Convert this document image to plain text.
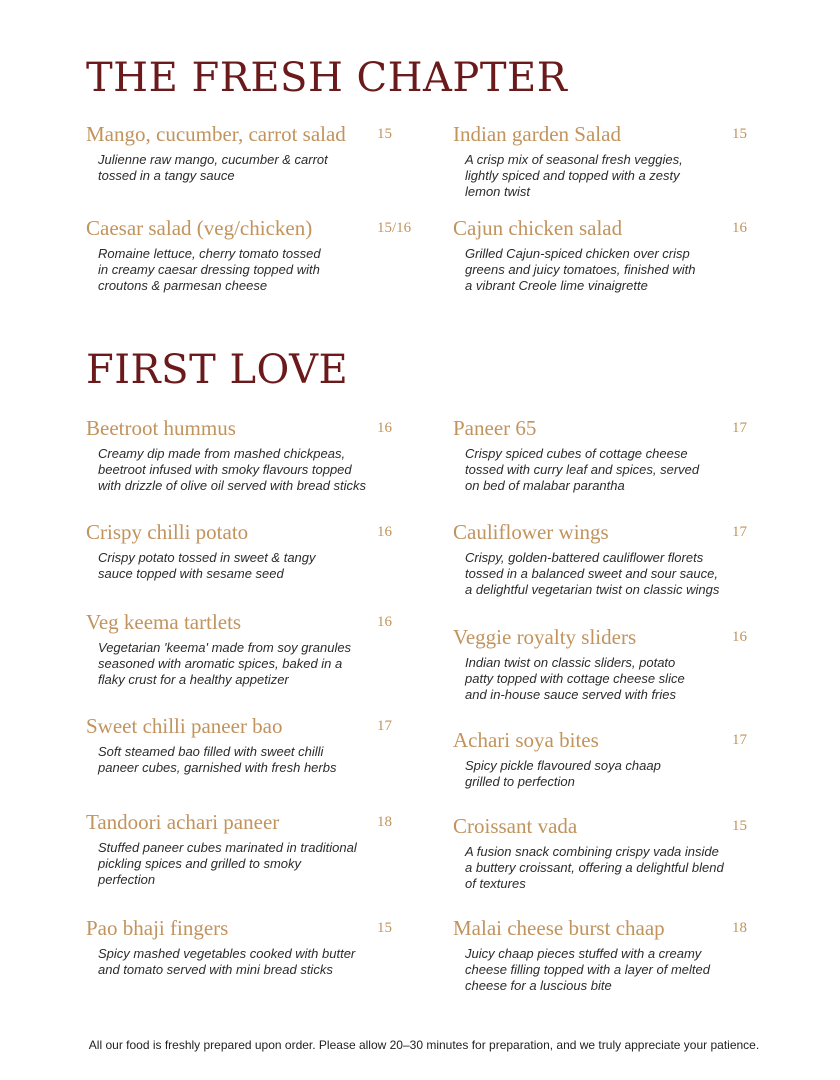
THE FRESH CHAPTER
FIRST LOVE
Mango, cucumber, carrot salad 15
Julienne raw mango, cucumber & carrot
tossed in a tangy sauce
Caesar salad (veg/chicken)	15/16
Romaine lettuce, cherry tomato tossed
in creamy caesar dressing topped with
croutons & parmesan cheese
Indian garden Salad	15
A crisp mix of seasonal fresh veggies,
lightly spiced and topped with a zesty
lemon twist
Cajun chicken salad	16
Grilled Cajun-spiced chicken over crisp
greens and juicy tomatoes, finished with
a vibrant Creole lime vinaigrette
Beetroot hummus	16
Creamy dip made from mashed chickpeas,
beetroot infused with smoky flavours topped
with drizzle of olive oil served with bread sticks
Crispy chilli potato	16
Crispy potato tossed in sweet & tangy
sauce topped with sesame seed
Veg keema tartlets	16
Vegetarian 'keema' made from soy granules
seasoned with aromatic spices, baked in a
flaky crust for a healthy appetizer
Sweet chilli paneer bao	17
Soft steamed bao filled with sweet chilli
paneer cubes, garnished with fresh herbs
Tandoori achari paneer	18
Stuffed paneer cubes marinated in traditional
pickling spices and grilled to smoky
perfection
Pao bhaji fingers	15
Spicy mashed vegetables cooked with butter
and tomato served with mini bread sticks
Paneer 65	17
Crispy spiced cubes of cottage cheese
tossed with curry leaf and spices, served
on bed of malabar parantha
Cauliflower wings	17
Crispy, golden-battered cauliflower florets
tossed in a balanced sweet and sour sauce,
a delightful vegetarian twist on classic wings
Veggie royalty sliders	16
Indian twist on classic sliders, potato
patty topped with cottage cheese slice
and in-house sauce served with fries
Achari soya bites	17
Spicy pickle flavoured soya chaap
grilled to perfection
Croissant vada	15
A fusion snack combining crispy vada inside
a buttery croissant, offering a delightful blend
of textures
Malai cheese burst chaap	18
Juicy chaap pieces stuffed with a creamy
cheese filling topped with a layer of melted
cheese for a luscious bite
All our food is freshly prepared upon order. Please allow 20–30 minutes for preparation, and we truly appreciate your patience.
